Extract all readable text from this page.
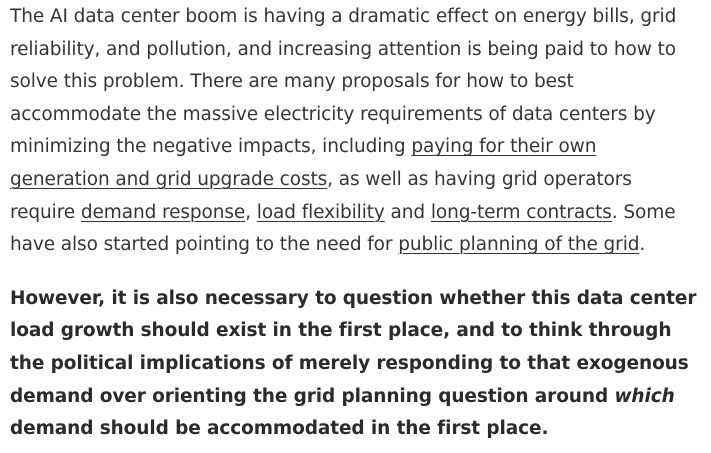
The AI data center boom is having a dramatic effect on energy bills, grid reliability, and pollution, and increasing attention is being paid to how to solve this problem. There are many proposals for how to best accommodate the massive electricity requirements of data centers by minimizing the negative impacts, including paying for their own generation and grid upgrade costs, as well as having grid operators require demand response, load flexibility and long-term contracts. Some have also started pointing to the need for public planning of the grid.

However, it is also necessary to question whether this data center load growth should exist in the first place, and to think through the political implications of merely responding to that exogenous demand over orienting the grid planning question around which demand should be accommodated in the first place.
